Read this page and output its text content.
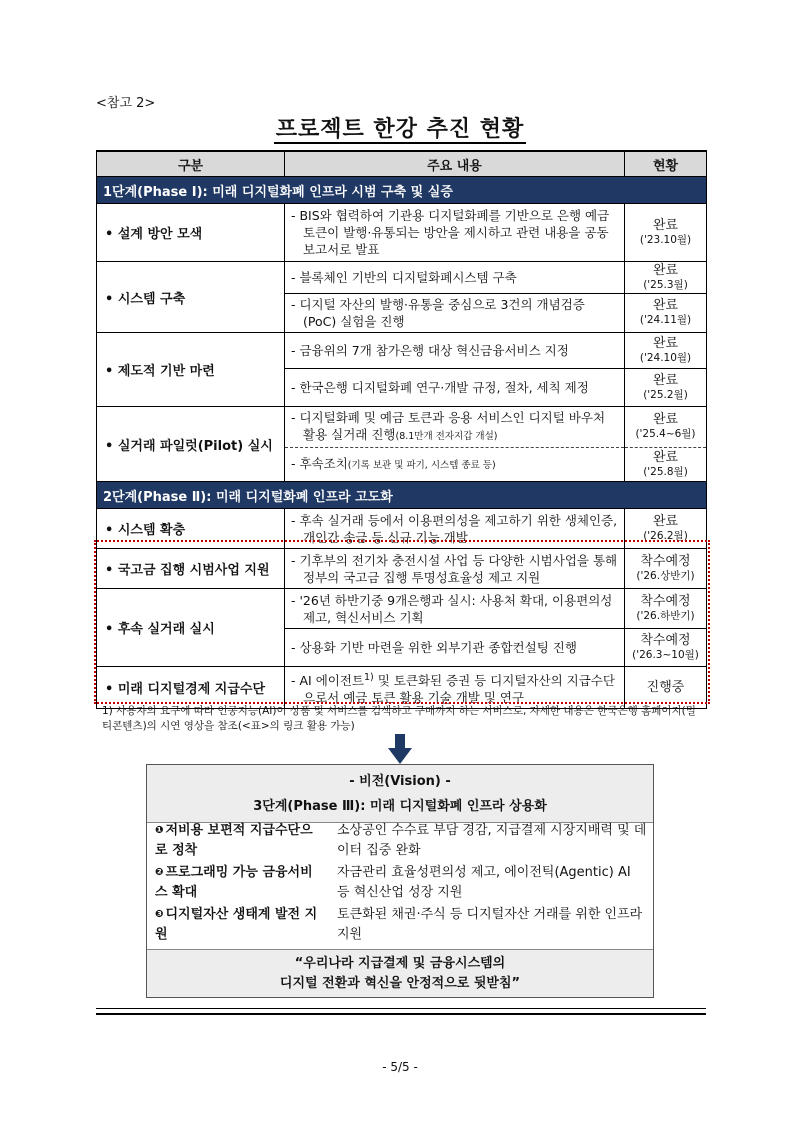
<참고 2>
프로젝트 한강 추진 현황
구분	주요 내용	현황
1단계(Phase Ⅰ): 미래 디지털화폐 인프라 시범 구축 및 실증		
• 설계 방안 모색	- BIS와 협력하여 기관용 디지털화폐를 기반으로 은행 예금 토큰이 발행·유통되는 방안을 제시하고 관련 내용을 공동보고서로 발표	완료
('23.10월)

• 시스템 구축	- 블록체인 기반의 디지털화폐시스템 구축	완료
('25.3월)

	- 디지털 자산의 발행·유통을 중심으로 3건의 개념검증(PoC) 실험을 진행	완료
('24.11월)

• 제도적 기반 마련	- 금융위의 7개 참가은행 대상 혁신금융서비스 지정	완료
('24.10월)

	- 한국은행 디지털화폐 연구·개발 규정, 절차, 세칙 제정	완료
('25.2월)

• 실거래 파일럿(Pilot) 실시	- 디지털화폐 및 예금 토큰과 응용 서비스인 디지털 바우처 활용 실거래 진행(8.1만개 전자지갑 개설)	완료
('25.4~6월)

	- 후속조치(기록 보관 및 파기, 시스템 종료 등)	완료
('25.8월)

2단계(Phase Ⅱ): 미래 디지털화폐 인프라 고도화		
• 시스템 확충	- 후속 실거래 등에서 이용편의성을 제고하기 위한 생체인증, 개인간 송금 등 신규 기능 개발	완료
('26.2월)

• 국고금 집행 시범사업 지원	- 기후부의 전기차 충전시설 사업 등 다양한 시범사업을 통해 정부의 국고금 집행 투명성효율성 제고 지원	착수예정
('26.상반기)

• 후속 실거래 실시	- '26년 하반기중 9개은행과 실시: 사용처 확대, 이용편의성 제고, 혁신서비스 기획	착수예정
('26.하반기)

	- 상용화 기반 마련을 위한 외부기관 종합컨설팅 진행	착수예정
('26.3~10월)

• 미래 디지털경제 지급수단	- AI 에이전트$^{1)}$ 및 토큰화된 증권 등 디지털자산의 지급수단으로서 예금 토큰 활용 기술 개발 및 연구	진행중
1) 사용자의 요구에 따라 인공지능(AI)이 상품 및 서비스를 검색하고 구매까지 하는 서비스로, 자세한 내용은 한국은행 홈페이지(멀티콘텐츠)의 시연 영상을 참조(<표>의 링크 활용 가능)
- 비전(Vision) -
3단계(Phase Ⅲ): 미래 디지털화폐 인프라 상용화
$^❶$ 저비용 보편적 지급수단으로 정착
소상공인 수수료 부담 경감, 지급결제 시장지배력 및 데이터 집중 완화
$^❷$ 프로그래밍 가능 금융서비스 확대
자금관리 효율성편의성 제고, 에이전틱(Agentic) AI 등 혁신산업 성장 지원
$^❸$ 디지털자산 생태계 발전 지원
토큰화된 채권·주식 등 디지털자산 거래를 위한 인프라 지원
“우리나라 지급결제 및 금융시스템의
디지털 전환과 혁신을 안정적으로 뒷받침”
- 5/5 -
